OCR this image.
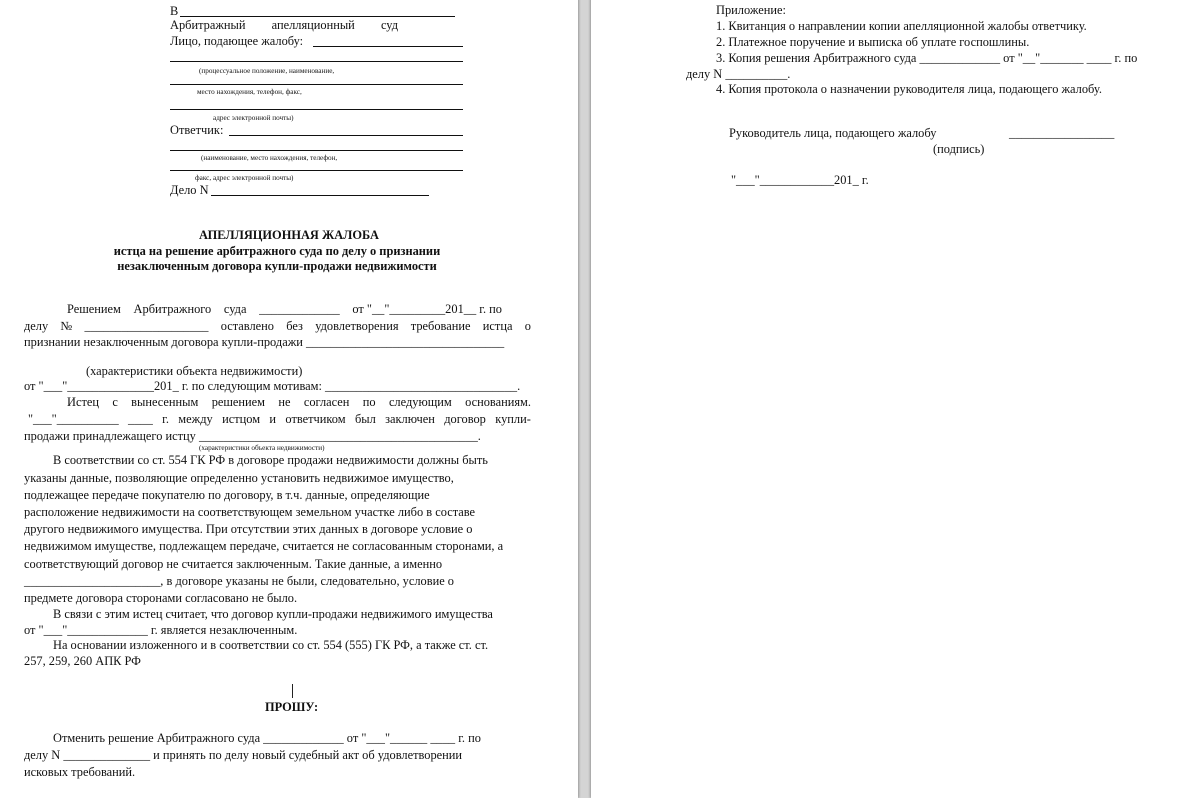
В
Арбитражный апелляционный суд
Лицо, подающее жалобу:
(процессуальное положение, наименование,
место нахождения, телефон, факс,
адрес электронной почты)
Ответчик:
(наименование, место нахождения, телефон,
факс, адрес электронной почты)
Дело N
АПЕЛЛЯЦИОННАЯ ЖАЛОБА
истца на решение арбитражного суда по делу о признании
незаключенным договора купли-продажи недвижимости
Решением Арбитражного суда _____________ от "__"_________201__ г. по
делу № ____________________ оставлено без удовлетворения требование истца о
признании незаключенным договора купли-продажи ________________________________
(характеристики объекта недвижимости)
от "___"______________201_ г. по следующим мотивам: _______________________________.
Истец с вынесенным решением не согласен по следующим основаниям.
"___"__________ ____ г. между истцом и ответчиком был заключен договор купли-
продажи принадлежащего истцу _____________________________________________.
(характеристики объекта недвижимости)
В соответствии со ст. 554 ГК РФ в договоре продажи недвижимости должны быть
указаны данные, позволяющие определенно установить недвижимое имущество,
подлежащее передаче покупателю по договору, в т.ч. данные, определяющие
расположение недвижимости на соответствующем земельном участке либо в составе
другого недвижимого имущества. При отсутствии этих данных в договоре условие о
недвижимом имуществе, подлежащем передаче, считается не согласованным сторонами, а
соответствующий договор не считается заключенным. Такие данные, а именно
______________________, в договоре указаны не были, следовательно, условие о
предмете договора сторонами согласовано не было.
В связи с этим истец считает, что договор купли-продажи недвижимого имущества
от "___"_____________ г. является незаключенным.
На основании изложенного и в соответствии со ст. 554 (555) ГК РФ, а также ст. ст.
257, 259, 260 АПК РФ
ПРОШУ:
Отменить решение Арбитражного суда _____________ от "___"______ ____ г. по
делу N ______________ и принять по делу новый судебный акт об удовлетворении
исковых требований.
Приложение:
1. Квитанция о направлении копии апелляционной жалобы ответчику.
2. Платежное поручение и выписка об уплате госпошлины.
3. Копия решения Арбитражного суда _____________ от "__"_______ ____ г. по
делу N __________.
4. Копия протокола о назначении руководителя лица, подающего жалобу.
Руководитель лица, подающего жалобу	_________________
(подпись)
"___"____________201_ г.
